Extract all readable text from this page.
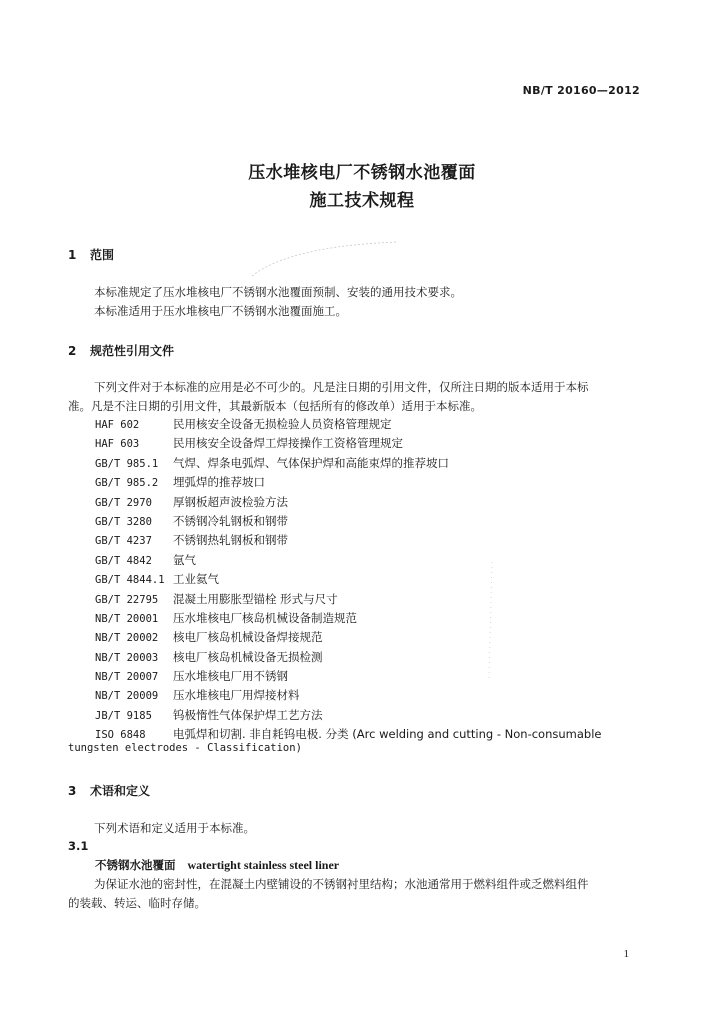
NB/T 20160—2012
压水堆核电厂不锈钢水池覆面
施工技术规程
1 范围
本标准规定了压水堆核电厂不锈钢水池覆面预制、安装的通用技术要求。
本标准适用于压水堆核电厂不锈钢水池覆面施工。
2 规范性引用文件
下列文件对于本标准的应用是必不可少的。凡是注日期的引用文件，仅所注日期的版本适用于本标
准。凡是不注日期的引用文件，其最新版本（包括所有的修改单）适用于本标准。
HAF 602	民用核安全设备无损检验人员资格管理规定
HAF 603	民用核安全设备焊工焊接操作工资格管理规定
GB/T 985.1 气焊、焊条电弧焊、气体保护焊和高能束焊的推荐坡口
GB/T 985.2 埋弧焊的推荐坡口
GB/T 2970 厚钢板超声波检验方法
GB/T 3280 不锈钢冷轧钢板和钢带
GB/T 4237 不锈钢热轧钢板和钢带
GB/T 4842 氩气
GB/T 4844.1 工业氦气
GB/T 22795 混凝土用膨胀型锚栓 形式与尺寸
NB/T 20001 压水堆核电厂核岛机械设备制造规范
NB/T 20002 核电厂核岛机械设备焊接规范
NB/T 20003 核电厂核岛机械设备无损检测
NB/T 20007 压水堆核电厂用不锈钢
NB/T 20009 压水堆核电厂用焊接材料
JB/T 9185 钨极惰性气体保护焊工艺方法
ISO 6848 电弧焊和切割. 非自耗钨电极. 分类 (Arc welding and cutting - Non-consumable
tungsten electrodes - Classification)
3 术语和定义
下列术语和定义适用于本标准。
3.1
不锈钢水池覆面 watertight stainless steel liner
为保证水池的密封性，在混凝土内壁铺设的不锈钢衬里结构；水池通常用于燃料组件或乏燃料组件
的装载、转运、临时存储。
1
